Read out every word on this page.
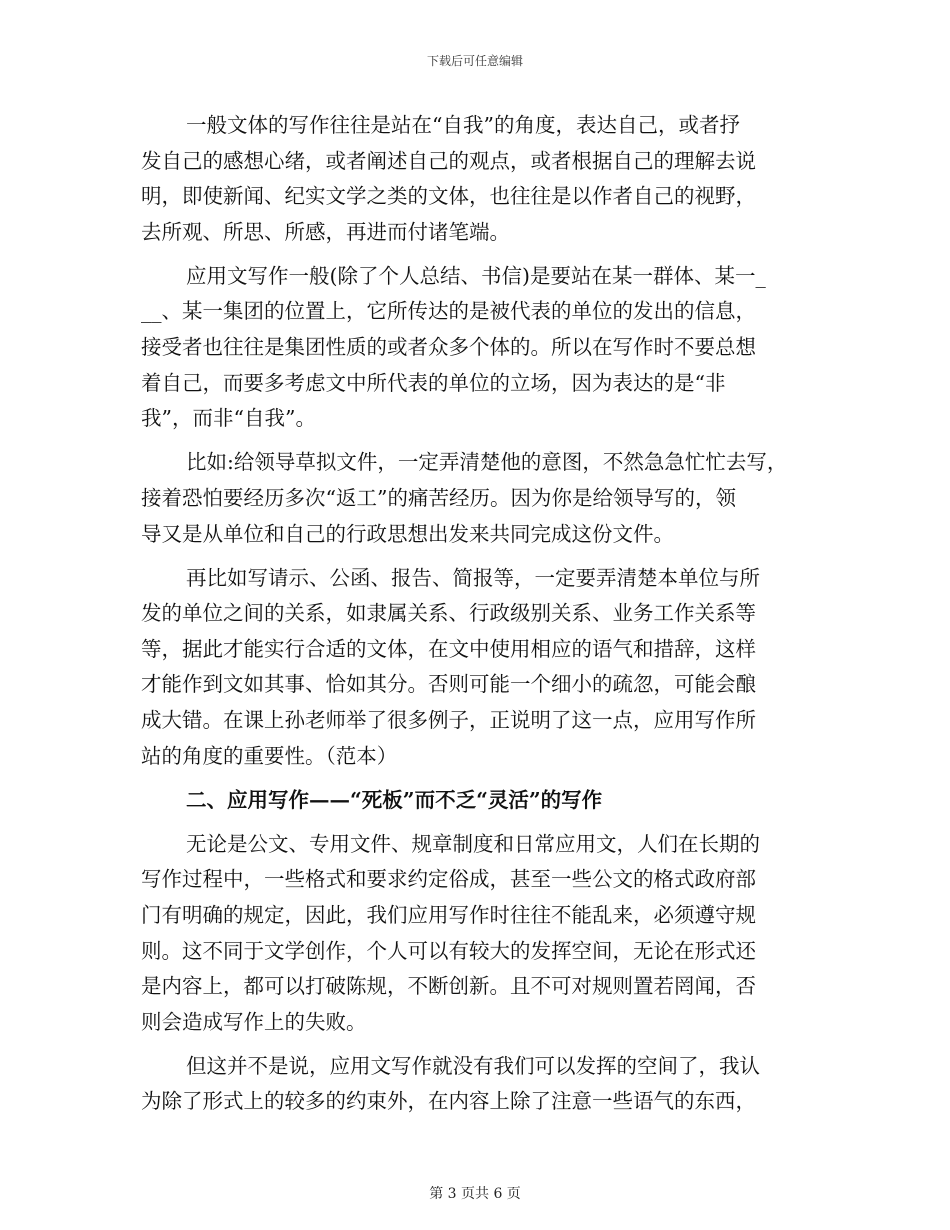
下载后可任意编辑
一般文体的写作往往是站在“自我”的角度，表达自己，或者抒
发自己的感想心绪，或者阐述自己的观点，或者根据自己的理解去说
明，即使新闻、纪实文学之类的文体，也往往是以作者自己的视野，
去所观、所思、所感，再进而付诸笔端。
应用文写作一般(除了个人总结、书信)是要站在某一群体、某一_
__、某一集团的位置上，它所传达的是被代表的单位的发出的信息，
接受者也往往是集团性质的或者众多个体的。所以在写作时不要总想
着自己，而要多考虑文中所代表的单位的立场，因为表达的是“非
我”，而非“自我”。
比如:给领导草拟文件，一定弄清楚他的意图，不然急急忙忙去写，
接着恐怕要经历多次“返工”的痛苦经历。因为你是给领导写的，领
导又是从单位和自己的行政思想出发来共同完成这份文件。
再比如写请示、公函、报告、简报等，一定要弄清楚本单位与所
发的单位之间的关系，如隶属关系、行政级别关系、业务工作关系等
等，据此才能实行合适的文体，在文中使用相应的语气和措辞，这样
才能作到文如其事、恰如其分。否则可能一个细小的疏忽，可能会酿
成大错。在课上孙老师举了很多例子，正说明了这一点，应用写作所
站的角度的重要性。（范本）
二、应用写作——“死板”而不乏“灵活”的写作
无论是公文、专用文件、规章制度和日常应用文，人们在长期的
写作过程中，一些格式和要求约定俗成，甚至一些公文的格式政府部
门有明确的规定，因此，我们应用写作时往往不能乱来，必须遵守规
则。这不同于文学创作，个人可以有较大的发挥空间，无论在形式还
是内容上，都可以打破陈规，不断创新。且不可对规则置若罔闻，否
则会造成写作上的失败。
但这并不是说，应用文写作就没有我们可以发挥的空间了，我认
为除了形式上的较多的约束外，在内容上除了注意一些语气的东西，
第 3 页共 6 页
